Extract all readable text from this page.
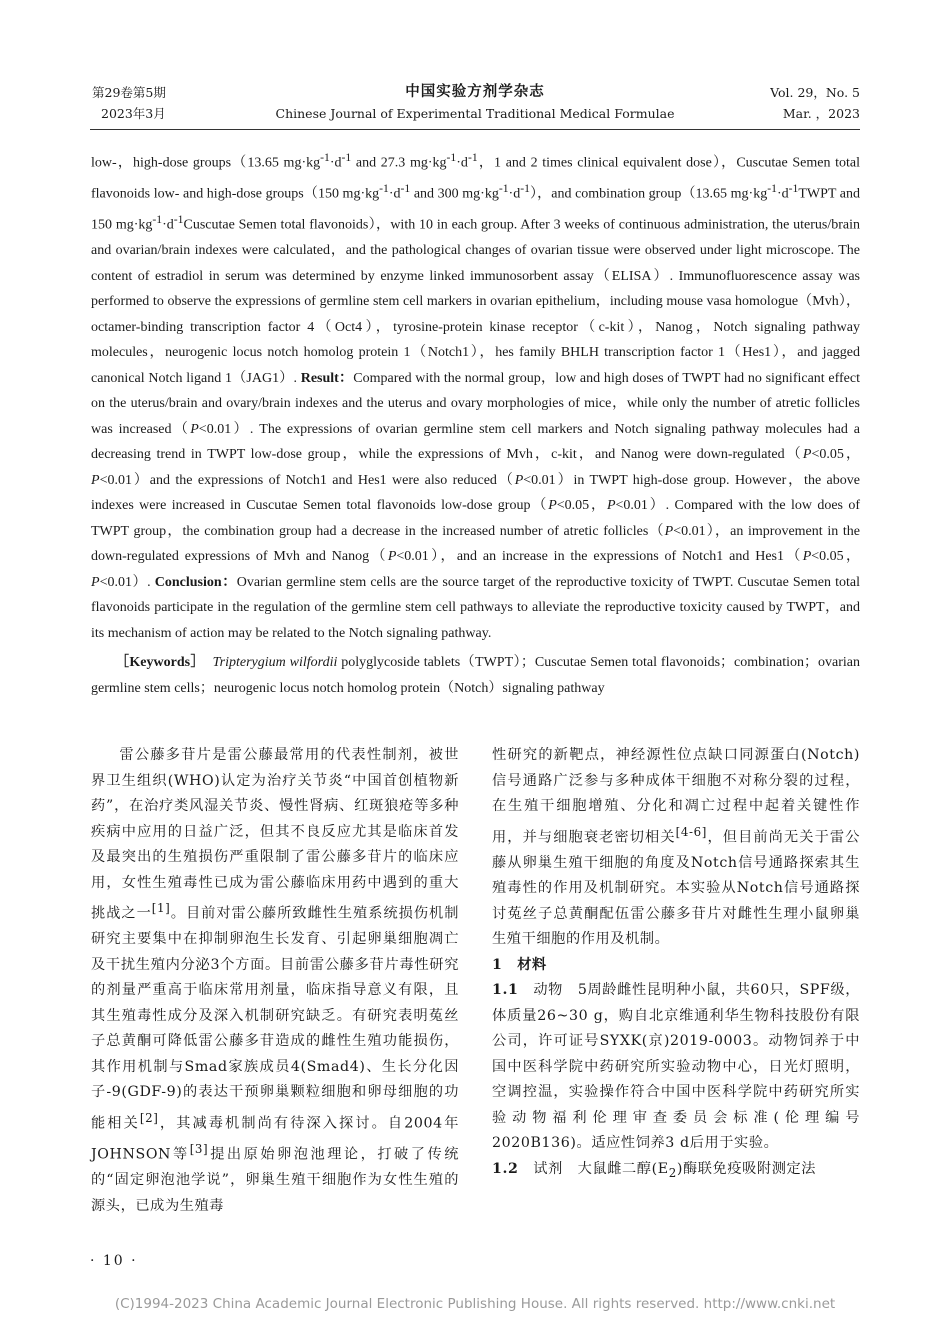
第29卷第5期
2023年3月
中国实验方剂学杂志
Chinese Journal of Experimental Traditional Medical Formulae
Vol. 29，No. 5
Mar. ，2023

low-，high-dose groups（13.65 $mg\cdot kg^{-1}\cdot d^{-1}$ and 27.3 $mg\cdot kg^{-1}\cdot d^{-1}$，1 and 2 times clinical equivalent dose），Cuscutae Semen total flavonoids low- and high-dose groups（150 $mg\cdot kg^{-1}\cdot d^{-1}$ and 300 $mg\cdot kg^{-1}\cdot d^{-1}$），and combination group（13.65 $mg\cdot kg^{-1}\cdot d^{-1}TWPT$ and 150 $mg\cdot kg^{-1}\cdot d^{-1}Cuscutae$ Semen total flavonoids），with 10 in each group. After 3 weeks of continuous administration, the uterus/brain and ovarian/brain indexes were calculated，and the pathological changes of ovarian tissue were observed under light microscope. The content of estradiol in serum was determined by enzyme linked immunosorbent assay（ELISA）. Immunofluorescence assay was performed to observe the expressions of germline stem cell markers in ovarian epithelium，including mouse vasa homologue（Mvh），octamer-binding transcription factor 4（Oct4），tyrosine-protein kinase receptor（c-kit），Nanog，Notch signaling pathway molecules，neurogenic locus notch homolog protein 1（Notch1），hes family BHLH transcription factor 1（Hes1），and jagged canonical Notch ligand 1（JAG1）. Result：Compared with the normal group，low and high doses of TWPT had no significant effect on the uterus/brain and ovary/brain indexes and the uterus and ovary morphologies of mice，while only the number of atretic follicles was increased（P<0.01）. The expressions of ovarian germline stem cell markers and Notch signaling pathway molecules had a decreasing trend in TWPT low-dose group，while the expressions of Mvh，c-kit，and Nanog were down-regulated（P<0.05，P<0.01）and the expressions of Notch1 and Hes1 were also reduced（P<0.01）in TWPT high-dose group. However，the above indexes were increased in Cuscutae Semen total flavonoids low-dose group（P<0.05，P<0.01）. Compared with the low does of TWPT group，the combination group had a decrease in the increased number of atretic follicles（P<0.01），an improvement in the down-regulated expressions of Mvh and Nanog（P<0.01），and an increase in the expressions of Notch1 and Hes1（P<0.05，P<0.01）. Conclusion：Ovarian germline stem cells are the source target of the reproductive toxicity of TWPT. Cuscutae Semen total flavonoids participate in the regulation of the germline stem cell pathways to alleviate the reproductive toxicity caused by TWPT，and its mechanism of action may be related to the Notch signaling pathway.

［Keywords］ Tripterygium wilfordii polyglycoside tablets（TWPT）；Cuscutae Semen total flavonoids；combination；ovarian germline stem cells；neurogenic locus notch homolog protein（Notch）signaling pathway

雷公藤多苷片是雷公藤最常用的代表性制剂，被世界卫生组织(WHO)认定为治疗关节炎“中国首创植物新药”，在治疗类风湿关节炎、慢性肾病、红斑狼疮等多种疾病中应用的日益广泛，但其不良反应尤其是临床首发及最突出的生殖损伤严重限制了雷公藤多苷片的临床应用，女性生殖毒性已成为雷公藤临床用药中遇到的重大挑战之一[1]。目前对雷公藤所致雌性生殖系统损伤机制研究主要集中在抑制卵泡生长发育、引起卵巢细胞凋亡及干扰生殖内分泌3个方面。目前雷公藤多苷片毒性研究的剂量严重高于临床常用剂量，临床指导意义有限，且其生殖毒性成分及深入机制研究缺乏。有研究表明菟丝子总黄酮可降低雷公藤多苷造成的雌性生殖功能损伤，其作用机制与Smad家族成员4(Smad4)、生长分化因子-9(GDF-9)的表达干预卵巢颗粒细胞和卵母细胞的功能相关[2]，其减毒机制尚有待深入探讨。自2004年JOHNSON等[3]提出原始卵泡池理论，打破了传统的“固定卵泡池学说”，卵巢生殖干细胞作为女性生殖的源头，已成为生殖毒

性研究的新靶点，神经源性位点缺口同源蛋白(Notch)信号通路广泛参与多种成体干细胞不对称分裂的过程，在生殖干细胞增殖、分化和凋亡过程中起着关键性作用，并与细胞衰老密切相关[4-6]，但目前尚无关于雷公藤从卵巢生殖干细胞的角度及Notch信号通路探索其生殖毒性的作用及机制研究。本实验从Notch信号通路探讨菟丝子总黄酮配伍雷公藤多苷片对雌性生理小鼠卵巢生殖干细胞的作用及机制。

1　材料

1.1　 动物　 5周龄雌性昆明种小鼠，共60只，SPF级，体质量26~30 g，购自北京维通利华生物科技股份有限公司，许可证号SYXK(京)2019-0003。动物饲养于中国中医科学院中药研究所实验动物中心，日光灯照明，空调控温，实验操作符合中国中医科学院中药研究所实验动物福利伦理审查委员会标准(伦理编号2020B136)。适应性饲养3 d后用于实验。

1.2　 试剂　 大鼠雌二醇$(E_2)$酶联免疫吸附测定法

· 10 ·
(C)1994-2023 China Academic Journal Electronic Publishing House. All rights reserved. http://www.cnki.net
